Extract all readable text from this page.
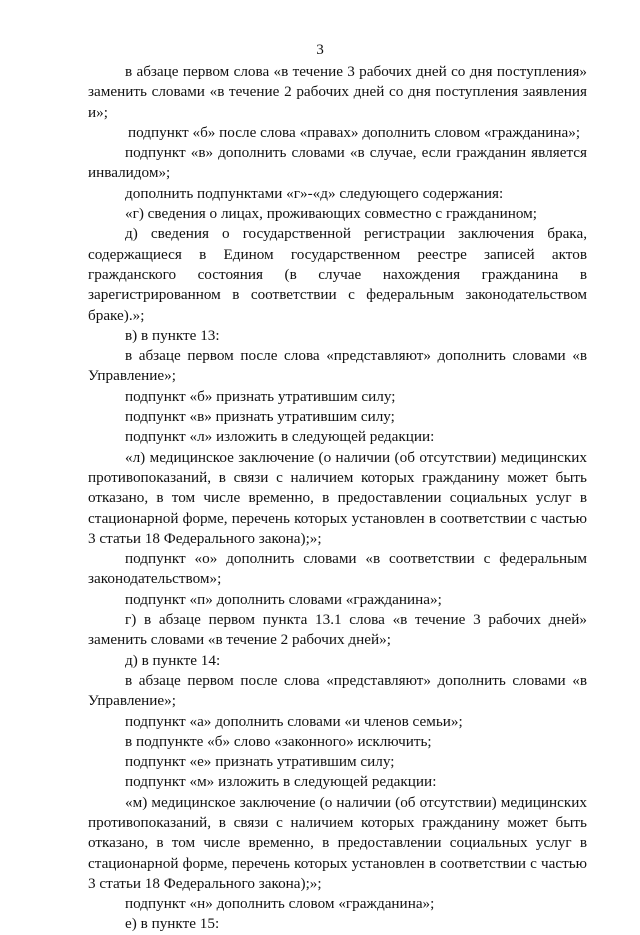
3

в абзаце первом слова «в течение 3 рабочих дней со дня поступления» заменить словами «в течение 2 рабочих дней со дня поступления заявления и»;

подпункт «б» после слова «правах» дополнить словом «гражданина»;

подпункт «в» дополнить словами «в случае, если гражданин является инвалидом»;

дополнить подпунктами «г»-«д» следующего содержания:

«г) сведения о лицах, проживающих совместно с гражданином;

д) сведения о государственной регистрации заключения брака, содержащиеся в Едином государственном реестре записей актов гражданского состояния (в случае нахождения гражданина в зарегистрированном в соответствии с федеральным законодательством браке).»;

в) в пункте 13:

в абзаце первом после слова «представляют» дополнить словами «в Управление»;

подпункт «б» признать утратившим силу;

подпункт «в» признать утратившим силу;

подпункт «л» изложить в следующей редакции:

«л) медицинское заключение (о наличии (об отсутствии) медицинских противопоказаний, в связи с наличием которых гражданину может быть отказано, в том числе временно, в предоставлении социальных услуг в стационарной форме, перечень которых установлен в соответствии с частью 3 статьи 18 Федерального закона);»;

подпункт «о» дополнить словами «в соответствии с федеральным законодательством»;

подпункт «п» дополнить словами «гражданина»;

г) в абзаце первом пункта 13.1 слова «в течение 3 рабочих дней» заменить словами «в течение 2 рабочих дней»;

д) в пункте 14:

в абзаце первом после слова «представляют» дополнить словами «в Управление»;

подпункт «а» дополнить словами «и членов семьи»;

в подпункте «б» слово «законного» исключить;

подпункт «е» признать утратившим силу;

подпункт «м» изложить в следующей редакции:

«м) медицинское заключение (о наличии (об отсутствии) медицинских противопоказаний, в связи с наличием которых гражданину может быть отказано, в том числе временно, в предоставлении социальных услуг в стационарной форме, перечень которых установлен в соответствии с частью 3 статьи 18 Федерального закона);»;

подпункт «н» дополнить словом «гражданина»;

е) в пункте 15:
